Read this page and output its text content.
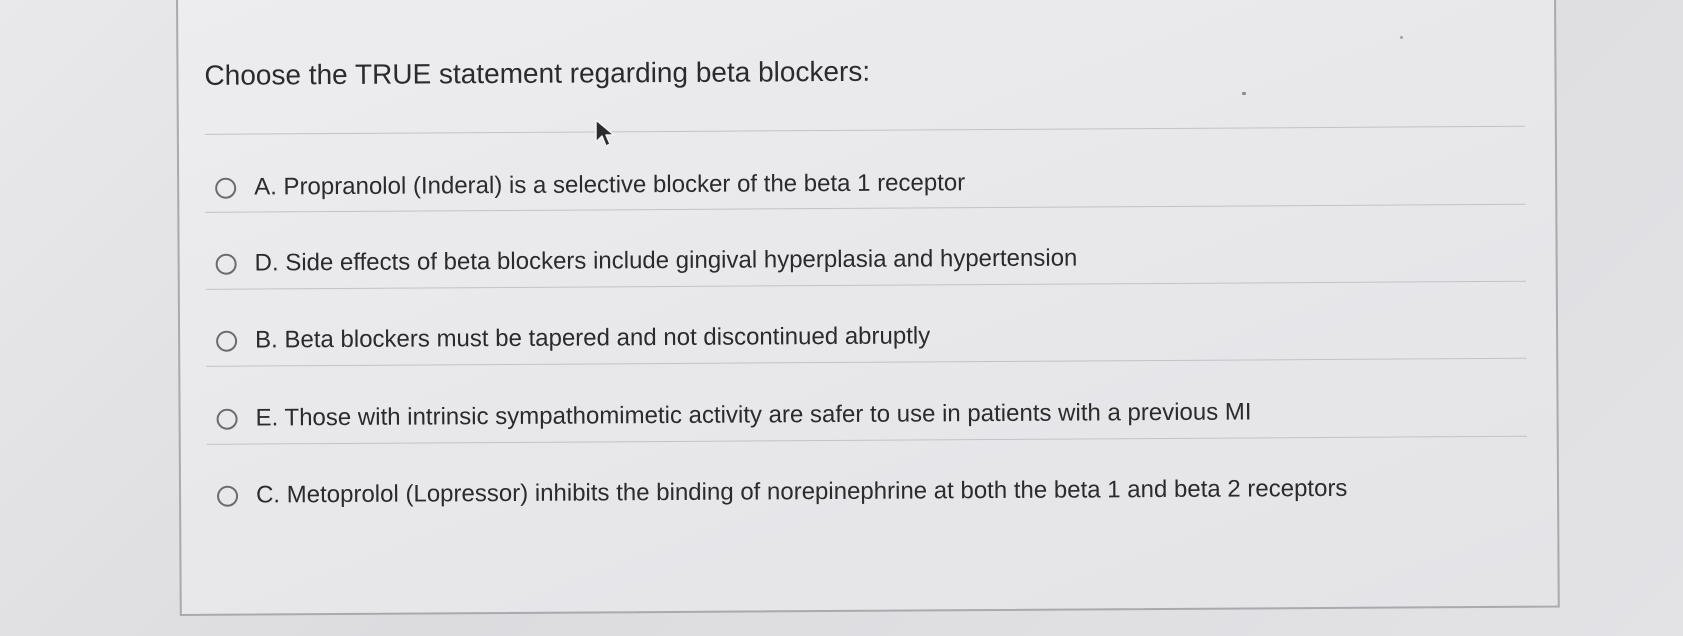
Choose the TRUE statement regarding beta blockers:
A. Propranolol (Inderal) is a selective blocker of the beta 1 receptor
D. Side effects of beta blockers include gingival hyperplasia and hypertension
B. Beta blockers must be tapered and not discontinued abruptly
E. Those with intrinsic sympathomimetic activity are safer to use in patients with a previous MI
C. Metoprolol (Lopressor) inhibits the binding of norepinephrine at both the beta 1 and beta 2 receptors
